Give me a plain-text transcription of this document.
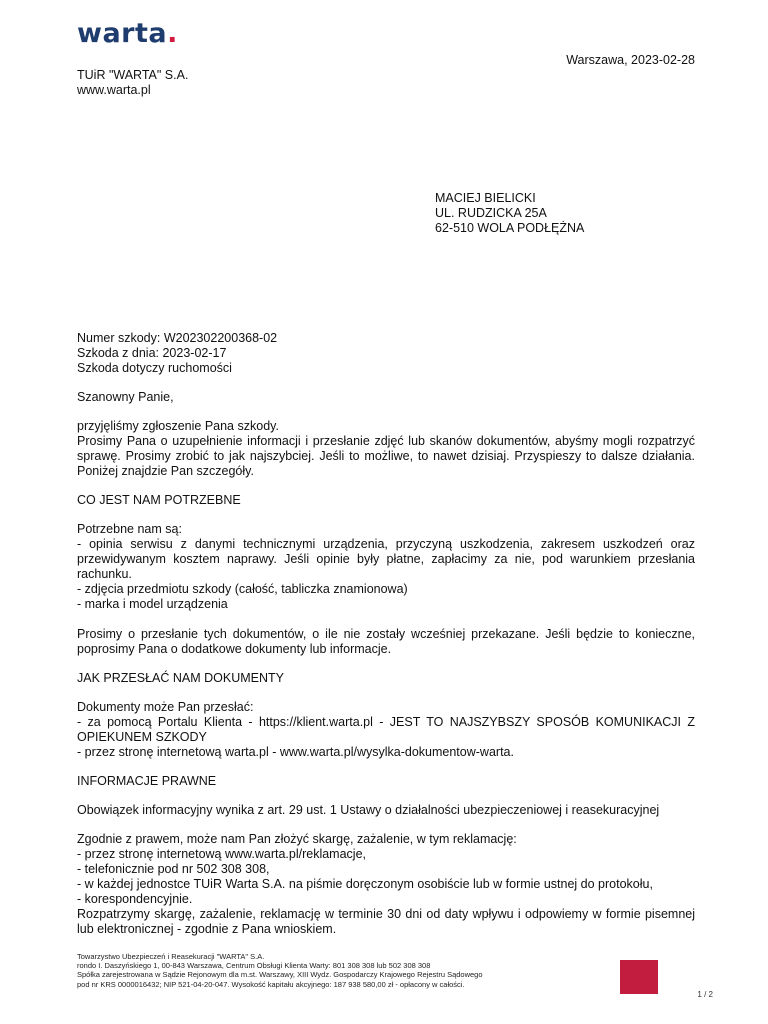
warta.
Warszawa, 2023-02-28
TUiR "WARTA" S.A.
www.warta.pl
MACIEJ BIELICKI
UL. RUDZICKA 25A
62-510 WOLA PODŁĘŻNA

Numer szkody: W202302200368-02
Szkoda z dnia: 2023-02-17
Szkoda dotyczy ruchomości

Szanowny Panie,

przyjęliśmy zgłoszenie Pana szkody.
Prosimy Pana o uzupełnienie informacji i przesłanie zdjęć lub skanów dokumentów, abyśmy mogli rozpatrzyć sprawę. Prosimy zrobić to jak najszybciej. Jeśli to możliwe, to nawet dzisiaj. Przyspieszy to dalsze działania. Poniżej znajdzie Pan szczegóły.

CO JEST NAM POTRZEBNE

Potrzebne nam są:
- opinia serwisu z danymi technicznymi urządzenia, przyczyną uszkodzenia, zakresem uszkodzeń oraz przewidywanym kosztem naprawy. Jeśli opinie były płatne, zapłacimy za nie, pod warunkiem przesłania rachunku.
- zdjęcia przedmiotu szkody (całość, tabliczka znamionowa)
- marka i model urządzenia

Prosimy o przesłanie tych dokumentów, o ile nie zostały wcześniej przekazane. Jeśli będzie to konieczne, poprosimy Pana o dodatkowe dokumenty lub informacje.

JAK PRZESŁAĆ NAM DOKUMENTY

Dokumenty może Pan przesłać:
- za pomocą Portalu Klienta - https://klient.warta.pl - JEST TO NAJSZYBSZY SPOSÓB KOMUNIKACJI Z OPIEKUNEM SZKODY
- przez stronę internetową warta.pl - www.warta.pl/wysylka-dokumentow-warta.

INFORMACJE PRAWNE

Obowiązek informacyjny wynika z art. 29 ust. 1 Ustawy o działalności ubezpieczeniowej i reasekuracyjnej

Zgodnie z prawem, może nam Pan złożyć skargę, zażalenie, w tym reklamację:
- przez stronę internetową www.warta.pl/reklamacje,
- telefonicznie pod nr 502 308 308,
- w każdej jednostce TUiR Warta S.A. na piśmie doręczonym osobiście lub w formie ustnej do protokołu,
- korespondencyjnie.
Rozpatrzymy skargę, zażalenie, reklamację w terminie 30 dni od daty wpływu i odpowiemy w formie pisemnej lub elektronicznej - zgodnie z Pana wnioskiem.

Towarzystwo Ubezpieczeń i Reasekuracji "WARTA" S.A.
rondo I. Daszyńskiego 1, 00-843 Warszawa, Centrum Obsługi Klienta Warty: 801 308 308 lub 502 308 308
Spółka zarejestrowana w Sądzie Rejonowym dla m.st. Warszawy, XIII Wydz. Gospodarczy Krajowego Rejestru Sądowego
pod nr KRS 0000016432; NIP 521-04-20-047. Wysokość kapitału akcyjnego: 187 938 580,00 zł - opłacony w całości.
1 / 2
